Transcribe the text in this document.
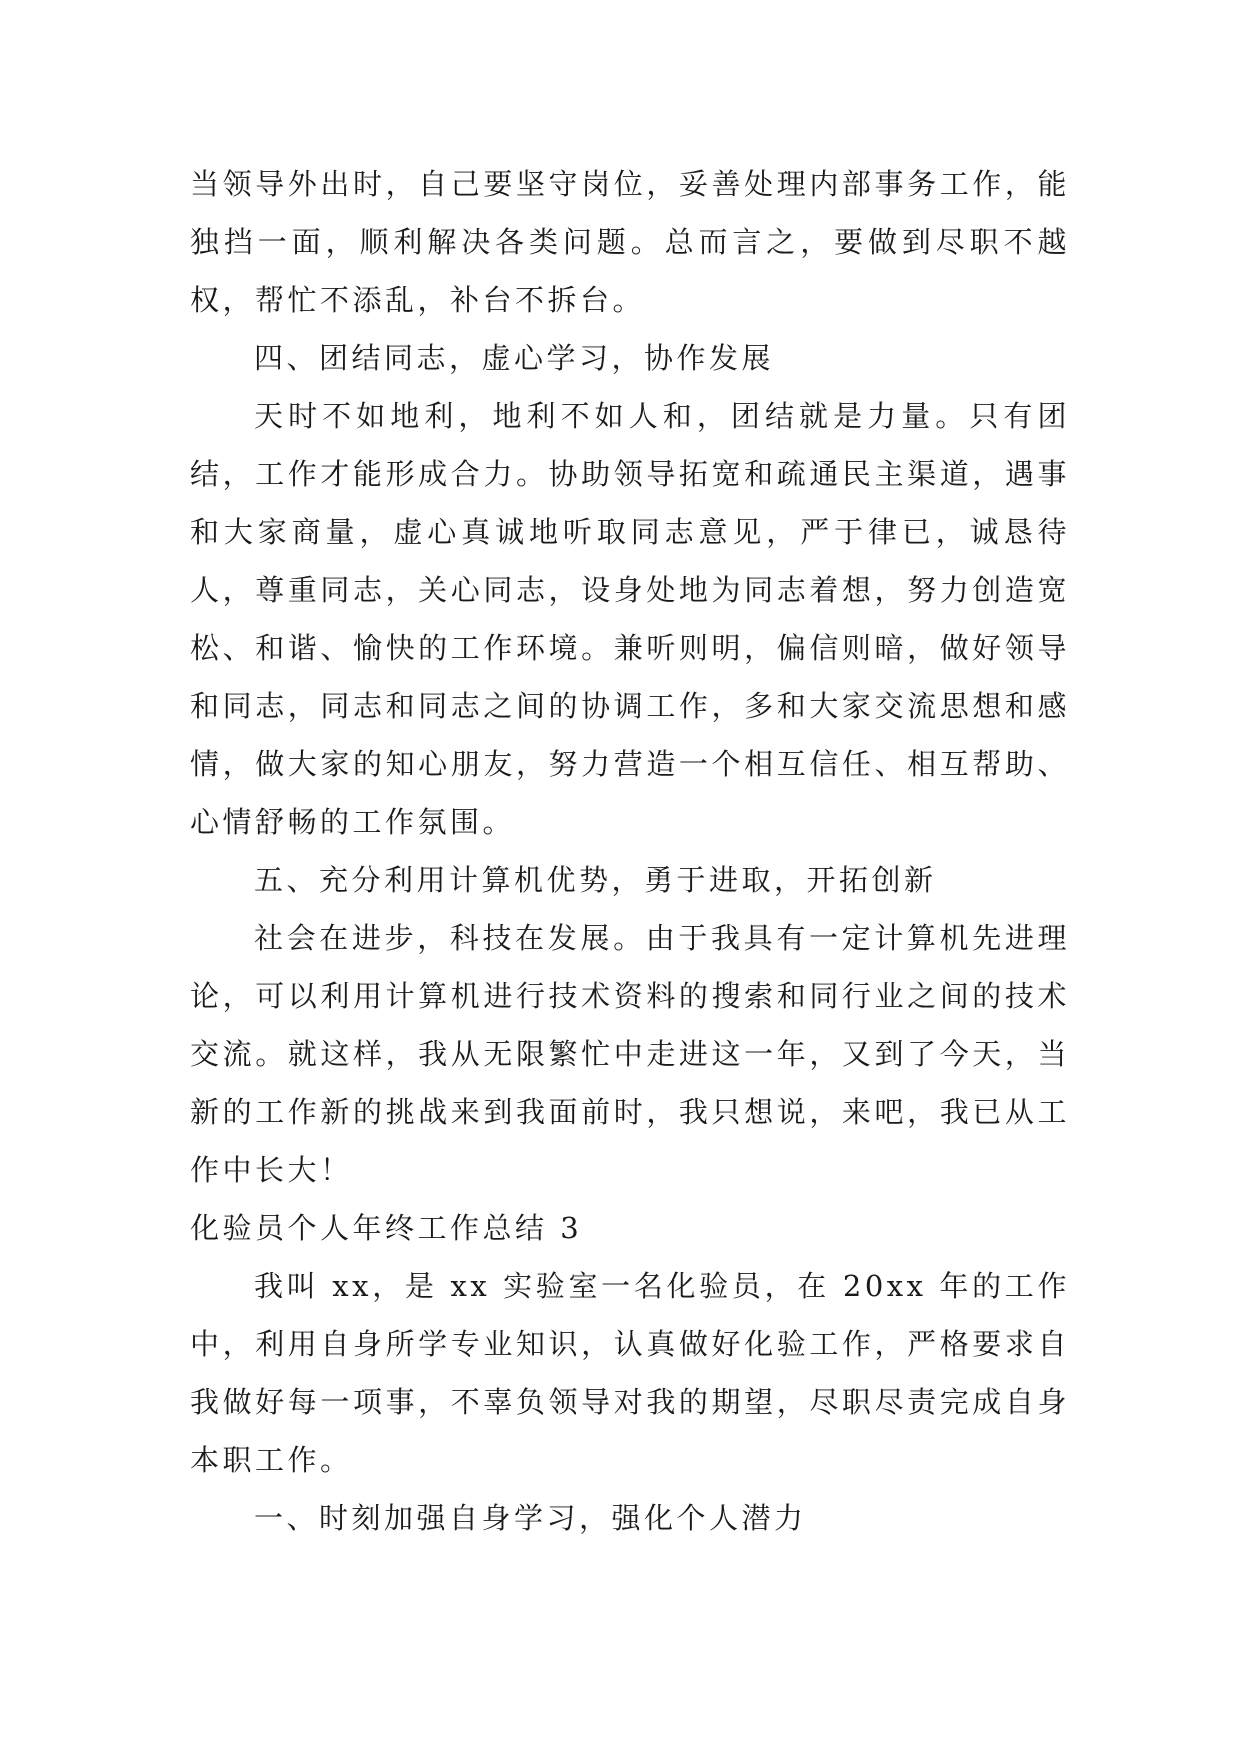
当领导外出时，自己要坚守岗位，妥善处理内部事务工作，能独挡一面，顺利解决各类问题。总而言之，要做到尽职不越权，帮忙不添乱，补台不拆台。

四、团结同志，虚心学习，协作发展

天时不如地利，地利不如人和，团结就是力量。只有团结，工作才能形成合力。协助领导拓宽和疏通民主渠道，遇事和大家商量，虚心真诚地听取同志意见，严于律已，诚恳待人，尊重同志，关心同志，设身处地为同志着想，努力创造宽松、和谐、愉快的工作环境。兼听则明，偏信则暗，做好领导和同志，同志和同志之间的协调工作，多和大家交流思想和感情，做大家的知心朋友，努力营造一个相互信任、相互帮助、心情舒畅的工作氛围。

五、充分利用计算机优势，勇于进取，开拓创新

社会在进步，科技在发展。由于我具有一定计算机先进理论，可以利用计算机进行技术资料的搜索和同行业之间的技术交流。就这样，我从无限繁忙中走进这一年，又到了今天，当新的工作新的挑战来到我面前时，我只想说，来吧，我已从工作中长大！

化验员个人年终工作总结 3

我叫 xx，是 xx 实验室一名化验员，在 20xx 年的工作中，利用自身所学专业知识，认真做好化验工作，严格要求自我做好每一项事，不辜负领导对我的期望，尽职尽责完成自身本职工作。

一、时刻加强自身学习，强化个人潜力
